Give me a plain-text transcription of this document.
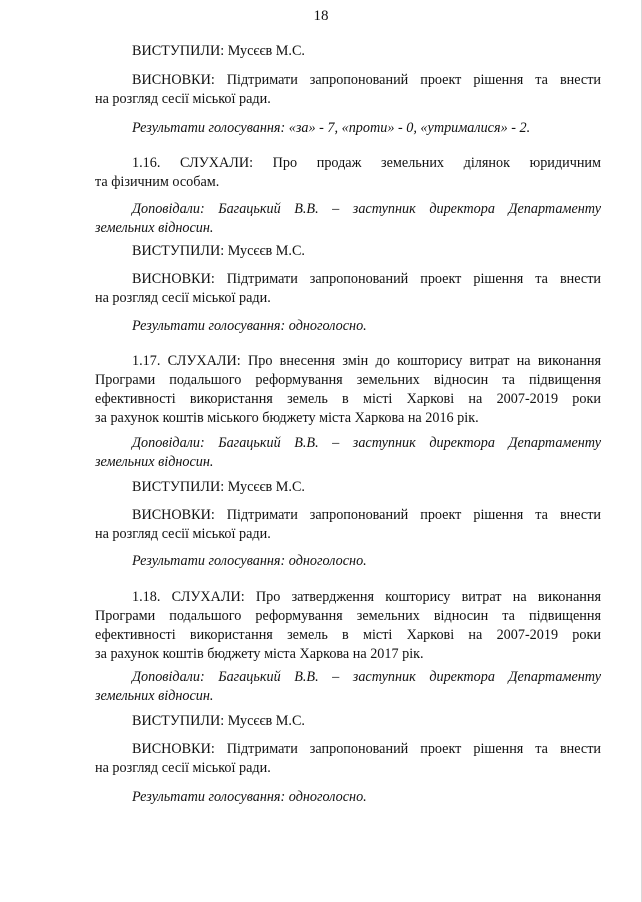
18
ВИСТУПИЛИ: Мусєєв М.С.
ВИСНОВКИ: Підтримати запропонований проект рішення та внести
на розгляд сесії міської ради.
Результати голосування: «за» - 7, «проти» - 0, «утрималися» - 2.
1.16. СЛУХАЛИ: Про продаж земельних ділянок юридичним
та фізичним особам.
Доповідали: Багацький В.В. – заступник директора Департаменту
земельних відносин.
ВИСТУПИЛИ: Мусєєв М.С.
ВИСНОВКИ: Підтримати запропонований проект рішення та внести
на розгляд сесії міської ради.
Результати голосування: одноголосно.
1.17. СЛУХАЛИ: Про внесення змін до кошторису витрат на виконання
Програми подальшого реформування земельних відносин та підвищення
ефективності використання земель в місті Харкові на 2007-2019 роки
за рахунок коштів міського бюджету міста Харкова на 2016 рік.
Доповідали: Багацький В.В. – заступник директора Департаменту
земельних відносин.
ВИСТУПИЛИ: Мусєєв М.С.
ВИСНОВКИ: Підтримати запропонований проект рішення та внести
на розгляд сесії міської ради.
Результати голосування: одноголосно.
1.18. СЛУХАЛИ: Про затвердження кошторису витрат на виконання
Програми подальшого реформування земельних відносин та підвищення
ефективності використання земель в місті Харкові на 2007-2019 роки
за рахунок коштів бюджету міста Харкова на 2017 рік.
Доповідали: Багацький В.В. – заступник директора Департаменту
земельних відносин.
ВИСТУПИЛИ: Мусєєв М.С.
ВИСНОВКИ: Підтримати запропонований проект рішення та внести
на розгляд сесії міської ради.
Результати голосування: одноголосно.
